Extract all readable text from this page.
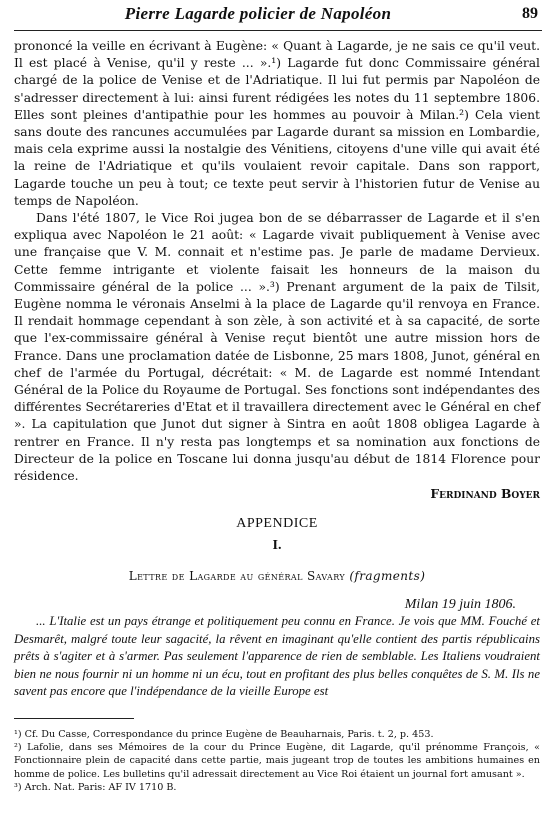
Pierre Lagarde policier de Napoléon	89

prononcé la veille en écrivant à Eugène: « Quant à Lagarde, je ne sais ce qu'il veut. Il est placé à Venise, qu'il y reste ... ».¹) Lagarde fut donc Commissaire général chargé de la police de Venise et de l'Adriatique. Il lui fut permis par Napoléon de s'adresser directement à lui: ainsi furent rédigées les notes du 11 septembre 1806. Elles sont pleines d'antipathie pour les hommes au pouvoir à Milan.²) Cela vient sans doute des rancunes accumulées par Lagarde durant sa mission en Lombardie, mais cela exprime aussi la nostalgie des Vénitiens, citoyens d'une ville qui avait été la reine de l'Adriatique et qu'ils voulaient revoir capitale. Dans son rapport, Lagarde touche un peu à tout; ce texte peut servir à l'historien futur de Venise au temps de Napoléon.

Dans l'été 1807, le Vice Roi jugea bon de se débarrasser de Lagarde et il s'en expliqua avec Napoléon le 21 août: « Lagarde vivait publiquement à Venise avec une française que V. M. connait et n'estime pas. Je parle de madame Dervieux. Cette femme intrigante et violente faisait les honneurs de la maison du Commissaire général de la police ... ».³) Prenant argument de la paix de Tilsit, Eugène nomma le véronais Anselmi à la place de Lagarde qu'il renvoya en France. Il rendait hommage cependant à son zèle, à son activité et à sa capacité, de sorte que l'ex-commissaire général à Venise reçut bientôt une autre mission hors de France. Dans une proclamation datée de Lisbonne, 25 mars 1808, Junot, général en chef de l'armée du Portugal, décrétait: « M. de Lagarde est nommé Intendant Général de la Police du Royaume de Portugal. Ses fonctions sont indépendantes des différentes Secrétareries d'Etat et il travaillera directement avec le Général en chef ». La capitulation que Junot dut signer à Sintra en août 1808 obligea Lagarde à rentrer en France. Il n'y resta pas longtemps et sa nomination aux fonctions de Directeur de la police en Toscane lui donna jusqu'au début de 1814 Florence pour résidence.

Ferdinand Boyer
APPENDICE
I.
Lettre de Lagarde au général Savary (fragments)
Milan 19 juin 1806.

... L'Italie est un pays étrange et politiquement peu connu en France. Je vois que MM. Fouché et Desmarêt, malgré toute leur sagacité, la rêvent en imaginant qu'elle contient des partis républicains prêts à s'agiter et à s'armer. Pas seulement l'apparence de rien de semblable. Les Italiens voudraient bien ne nous fournir ni un homme ni un écu, tout en profitant des plus belles conquêtes de S. M. Ils ne savent pas encore que l'indépendance de la vieille Europe est

¹) Cf. Du Casse, Correspondance du prince Eugène de Beauharnais, Paris. t. 2, p. 453.

²) Lafolie, dans ses Mémoires de la cour du Prince Eugène, dit Lagarde, qu'il prénomme François, « Fonctionnaire plein de capacité dans cette partie, mais jugeant trop de toutes les ambitions humaines en homme de police. Les bulletins qu'il adressait directement au Vice Roi étaient un journal fort amusant ».

³) Arch. Nat. Paris: AF IV 1710 B.
